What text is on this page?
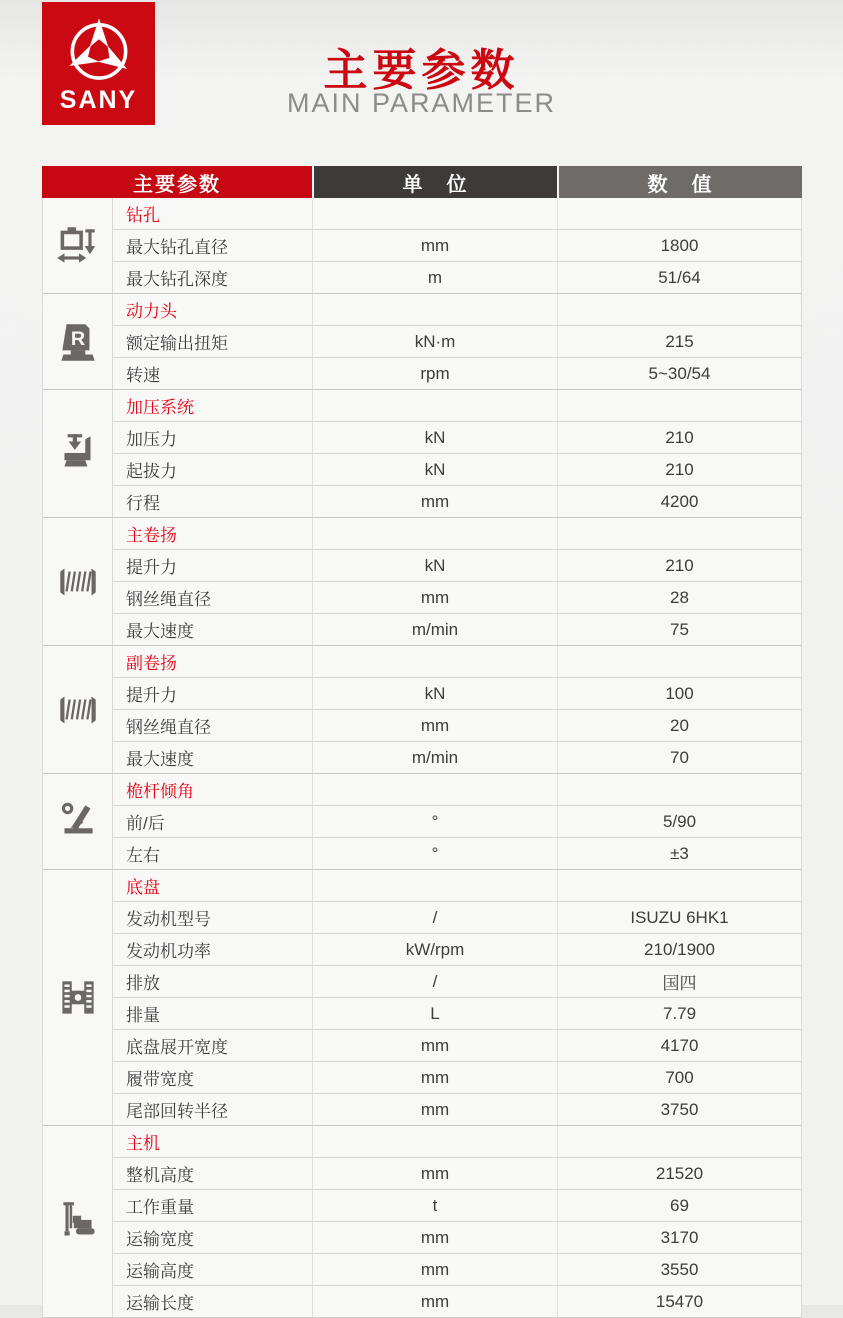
SANY
主要参数
MAIN PARAMETER
主要参数	单　位	数　值
钻孔
最大钻孔直径	mm	1800
最大钻孔深度	m	51/64
动力头
额定输出扭矩	kN·m	215
转速	rpm	5~30/54
加压系统
加压力	kN	210
起拔力	kN	210
行程	mm	4200
主卷扬
提升力	kN	210
钢丝绳直径	mm	28
最大速度	m/min	75
副卷扬
提升力	kN	100
钢丝绳直径	mm	20
最大速度	m/min	70
桅杆倾角
前/后	°	5/90
左右	°	±3
底盘
发动机型号	/	ISUZU 6HK1
发动机功率	kW/rpm	210/1900
排放	/	国四
排量	L	7.79
底盘展开宽度	mm	4170
履带宽度	mm	700
尾部回转半径	mm	3750
主机
整机高度	mm	21520
工作重量	t	69
运输宽度	mm	3170
运输高度	mm	3550
运输长度	mm	15470
